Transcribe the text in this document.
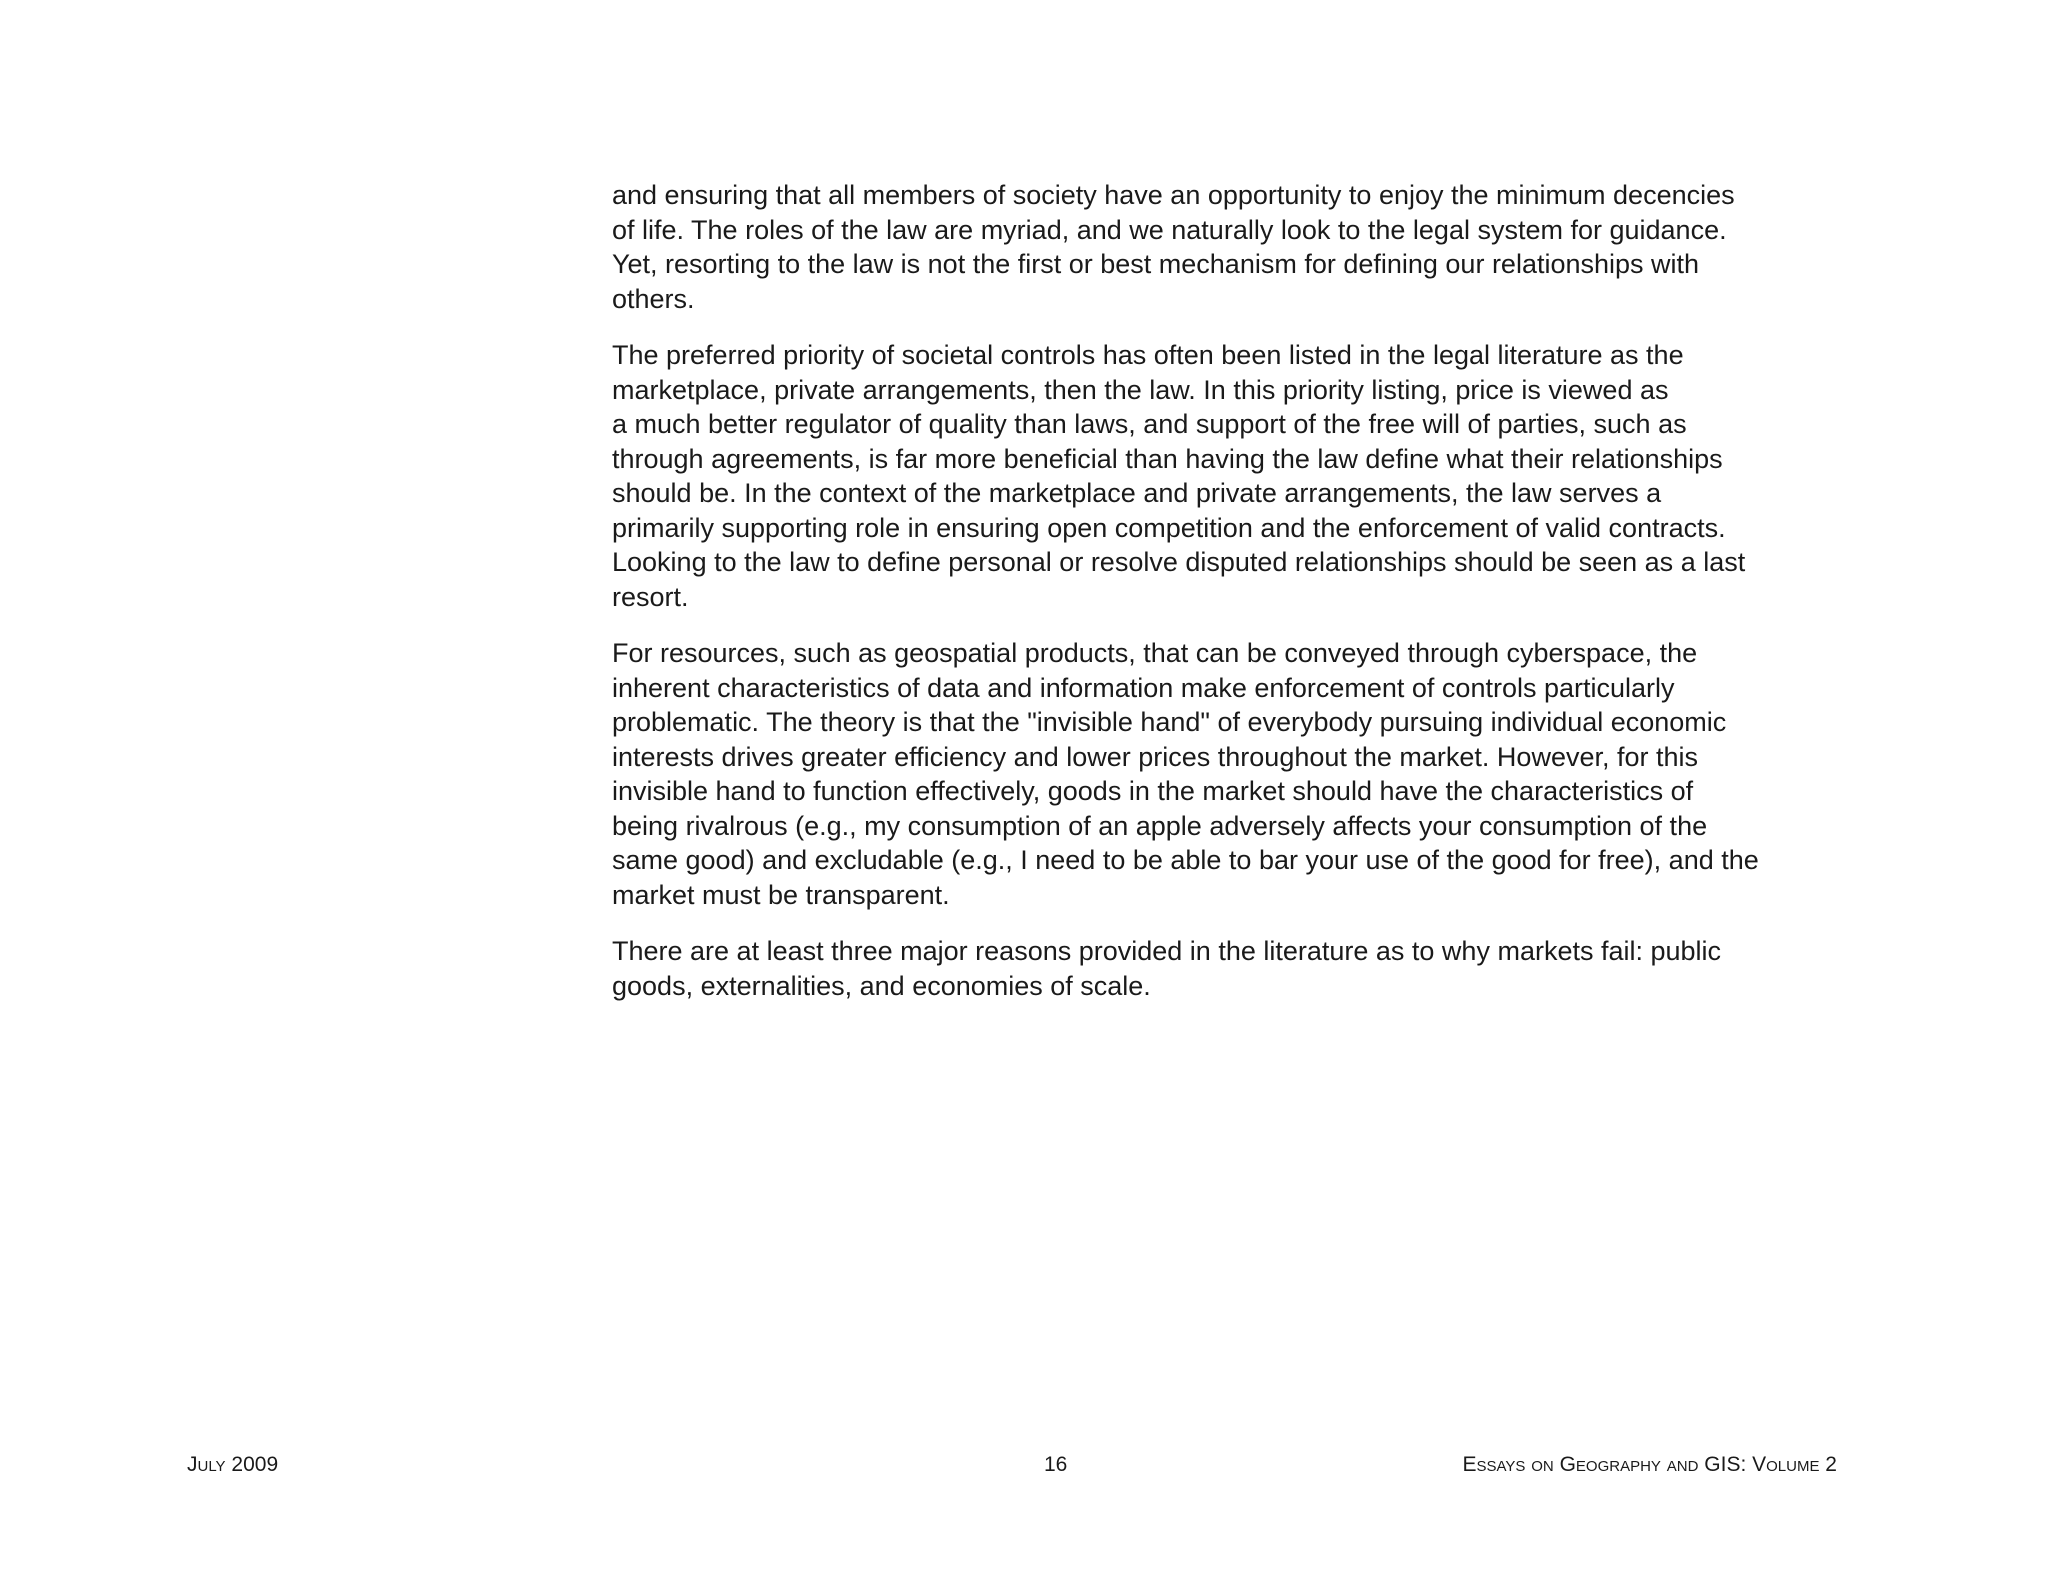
and ensuring that all members of society have an opportunity to enjoy the minimum decencies
of life. The roles of the law are myriad, and we naturally look to the legal system for guidance.
Yet, resorting to the law is not the first or best mechanism for defining our relationships with
others.

The preferred priority of societal controls has often been listed in the legal literature as the
marketplace, private arrangements, then the law. In this priority listing, price is viewed as
a much better regulator of quality than laws, and support of the free will of parties, such as
through agreements, is far more beneficial than having the law define what their relationships
should be. In the context of the marketplace and private arrangements, the law serves a
primarily supporting role in ensuring open competition and the enforcement of valid contracts.
Looking to the law to define personal or resolve disputed relationships should be seen as a last
resort.

For resources, such as geospatial products, that can be conveyed through cyberspace, the
inherent characteristics of data and information make enforcement of controls particularly
problematic. The theory is that the "invisible hand" of everybody pursuing individual economic
interests drives greater efficiency and lower prices throughout the market. However, for this
invisible hand to function effectively, goods in the market should have the characteristics of
being rivalrous (e.g., my consumption of an apple adversely affects your consumption of the
same good) and excludable (e.g., I need to be able to bar your use of the good for free), and the
market must be transparent.

There are at least three major reasons provided in the literature as to why markets fail: public
goods, externalities, and economies of scale.

July 2009	16	Essays on Geography and GIS: Volume 2
